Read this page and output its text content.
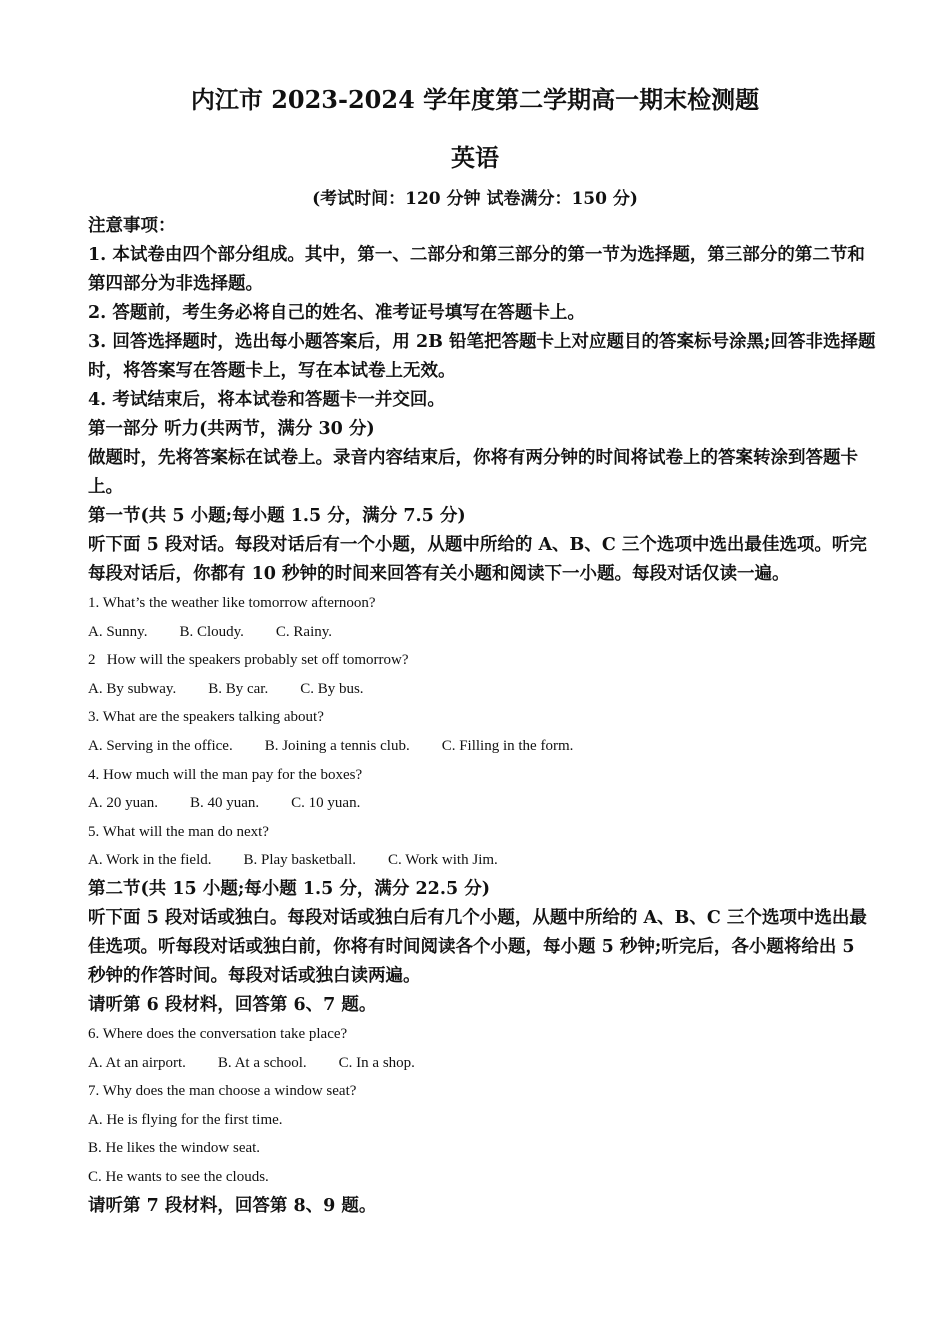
内江市 2023-2024 学年度第二学期高一期末检测题
英语
(考试时间：120 分钟 试卷满分：150 分)
注意事项：
1. 本试卷由四个部分组成。其中，第一、二部分和第三部分的第一节为选择题，第三部分的第二节和第四部分为非选择题。
2. 答题前，考生务必将自己的姓名、准考证号填写在答题卡上。
3. 回答选择题时，选出每小题答案后，用 2B 铅笔把答题卡上对应题目的答案标号涂黑;回答非选择题时，将答案写在答题卡上，写在本试卷上无效。
4. 考试结束后，将本试卷和答题卡一并交回。
第一部分 听力(共两节，满分 30 分)
做题时，先将答案标在试卷上。录音内容结束后，你将有两分钟的时间将试卷上的答案转涂到答题卡上。
第一节(共 5 小题;每小题 1.5 分，满分 7.5 分)
听下面 5 段对话。每段对话后有一个小题，从题中所给的 A、B、C 三个选项中选出最佳选项。听完每段对话后，你都有 10 秒钟的时间来回答有关小题和阅读下一小题。每段对话仅读一遍。
1. What’s the weather like tomorrow afternoon?
A. Sunny. B. Cloudy. C. Rainy.
2   How will the speakers probably set off tomorrow?
A. By subway. B. By car. C. By bus.
3. What are the speakers talking about?
A. Serving in the office. B. Joining a tennis club. C. Filling in the form.
4. How much will the man pay for the boxes?
A. 20 yuan. B. 40 yuan. C. 10 yuan.
5. What will the man do next?
A. Work in the field. B. Play basketball. C. Work with Jim.
第二节(共 15 小题;每小题 1.5 分，满分 22.5 分)
听下面 5 段对话或独白。每段对话或独白后有几个小题，从题中所给的 A、B、C 三个选项中选出最佳选项。听每段对话或独白前，你将有时间阅读各个小题，每小题 5 秒钟;听完后，各小题将给出 5 秒钟的作答时间。每段对话或独白读两遍。
请听第 6 段材料，回答第 6、7 题。
6. Where does the conversation take place?
A. At an airport. B. At a school. C. In a shop.
7. Why does the man choose a window seat?
A. He is flying for the first time.
B. He likes the window seat.
C. He wants to see the clouds.
请听第 7 段材料，回答第 8、9 题。
